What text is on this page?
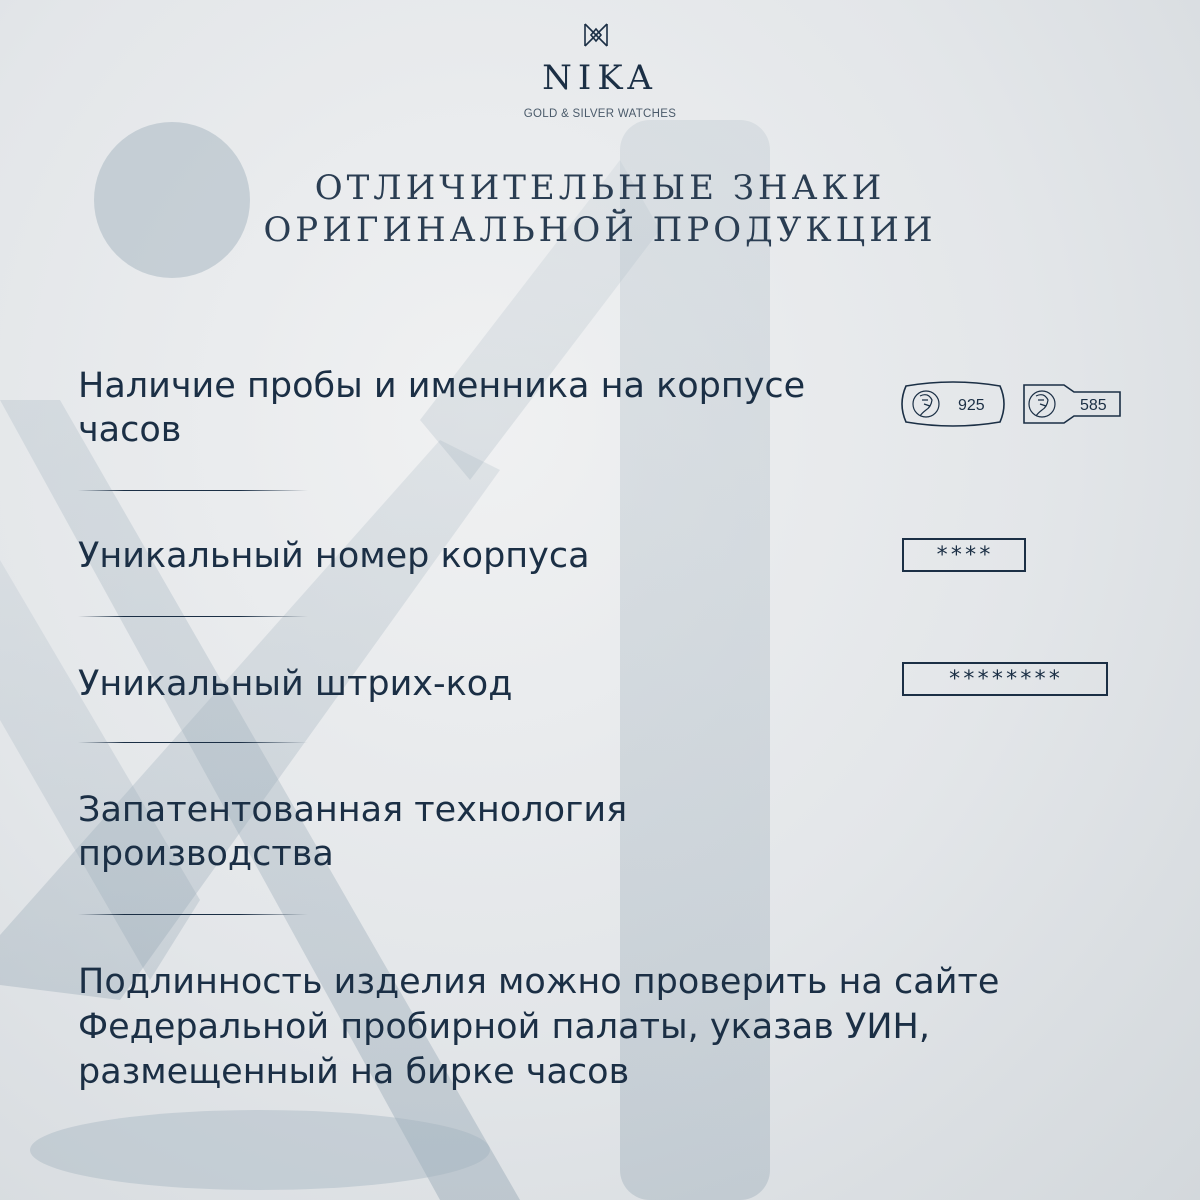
NIKA
GOLD & SILVER WATCHES
ОТЛИЧИТЕЛЬНЫЕ ЗНАКИ
ОРИГИНАЛЬНОЙ ПРОДУКЦИИ
Наличие пробы и именника на корпусе
часов
925	585
Уникальный номер корпуса	****
Уникальный штрих-код	********
Запатентованная технология
производства
Подлинность изделия можно проверить на сайте
Федеральной пробирной палаты, указав УИН,
размещенный на бирке часов
